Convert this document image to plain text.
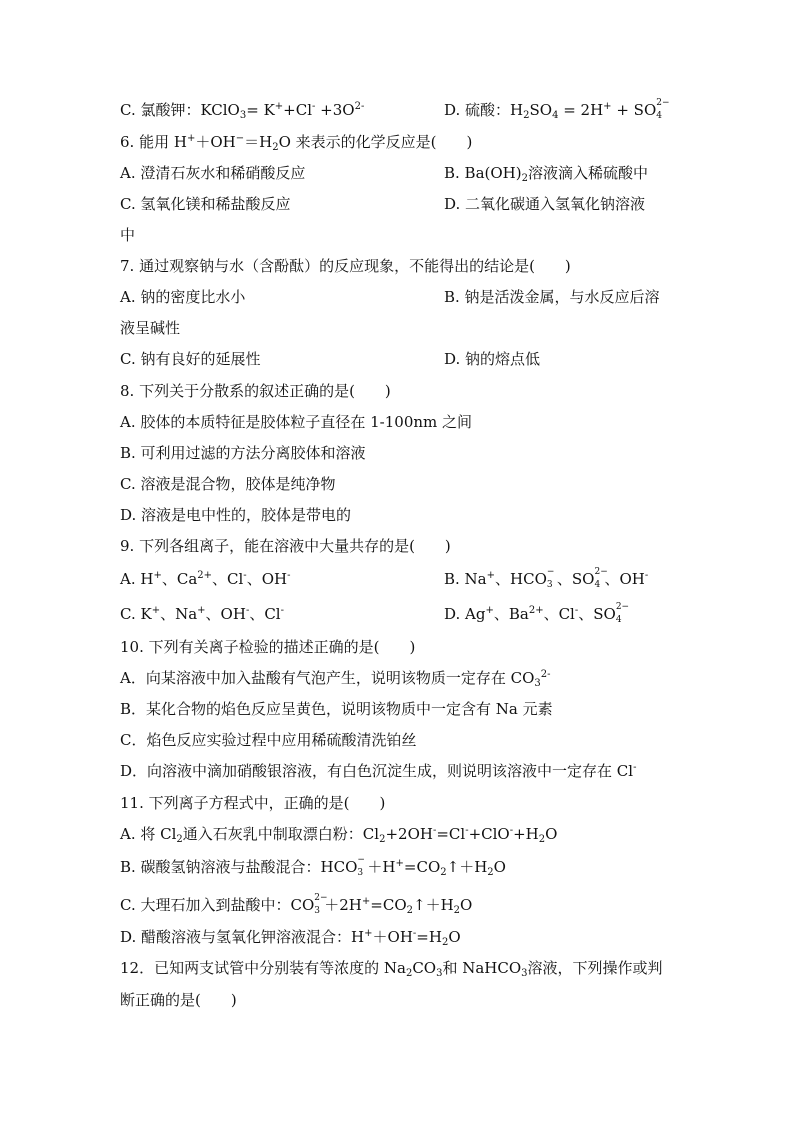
C. 氯酸钾：KClO$_3$= $K^++Cl^- +3O^{2-}$	D. 硫酸：$H_2SO_4 = 2H^+$ + SO 2−
4
6. 能用 $H^++OH^-=H_2O$ 来表示的化学反应是(　　)
A. 澄清石灰水和稀硝酸反应	B. $Ba(OH)_2$溶液滴入稀硫酸中
C. 氢氧化镁和稀盐酸反应	D. 二氧化碳通入氢氧化钠溶液
中
7. 通过观察钠与水（含酚酞）的反应现象，不能得出的结论是(　　)
A. 钠的密度比水小	B. 钠是活泼金属，与水反应后溶
液呈碱性
C. 钠有良好的延展性	D. 钠的熔点低
8. 下列关于分散系的叙述正确的是(　　)
A. 胶体的本质特征是胶体粒子直径在 1-100nm 之间
B. 可利用过滤的方法分离胶体和溶液
C. 溶液是混合物，胶体是纯净物
D. 溶液是电中性的，胶体是带电的
9. 下列各组离子，能在溶液中大量共存的是(　　)
A. H+、$Ca^{2+}$、Cl-、OH-	B. Na+、HCO −
3 、SO 2−
4 、OH-
C. K+、Na+、OH-、Cl-	D. Ag+、$Ba^{2+}$、Cl-、SO 2−
4
10. 下列有关离子检验的描述正确的是(　　)
A．向某溶液中加入盐酸有气泡产生，说明该物质一定存在 $CO_3^{2-}$
B．某化合物的焰色反应呈黄色，说明该物质中一定含有 Na 元素
C．焰色反应实验过程中应用稀硫酸清洗铂丝
D．向溶液中滴加硝酸银溶液，有白色沉淀生成，则说明该溶液中一定存在 Cl-
11. 下列离子方程式中，正确的是(　　)
A. 将 $Cl_2$通入石灰乳中制取漂白粉：$Cl_2+2OH^-=Cl^-+ClO^-+H_2O$
B. 碳酸氢钠溶液与盐酸混合：HCO −
$3 +H^+=CO_2↑+H_2O$
C. 大理石加入到盐酸中：CO 2−
$3 +2H^+=CO_2↑+H_2O$
D. 醋酸溶液与氢氧化钾溶液混合：$H^++OH^-=H_2O$
12．已知两支试管中分别装有等浓度的 $Na_2CO_3$和 NaHCO$_3$溶液，下列操作或判
断正确的是(　　)
